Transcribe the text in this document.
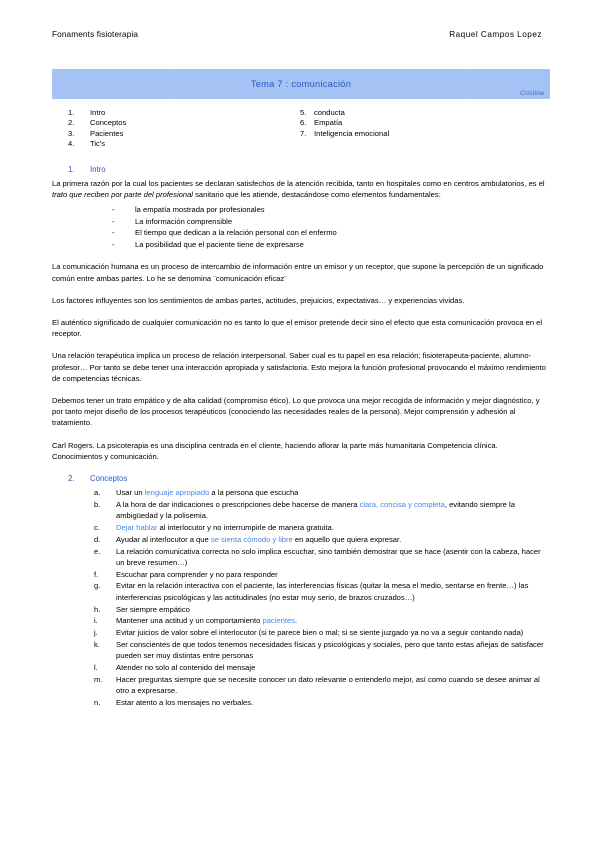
Fonaments fisioterapia	Raquel Campos Lopez
Tema 7 : comunicación
Cristina
1.	Intro
2.	Conceptos
3.	Pacientes
4.	Tic's
5.	conducta
6.	Empatía
7.	Inteligencia emocional
1.	Intro

La primera razón por la cual los pacientes se declaran satisfechos de la atención recibida, tanto en hospitales como en centros ambulatorios, es el trato que reciben por parte del profesional sanitario que les atiende, destacándose como elementos fundamentales:

-	la empatía mostrada por profesionales
-	La información comprensible
-	El tiempo que dedican a la relación personal con el enfermo
-	La posibilidad que el paciente tiene de expresarse

La comunicación humana es un proceso de intercambio de información entre un emisor y un receptor, que supone la percepción de un significado común entre ambas partes. Lo he se denomina ¨comunicación eficaz¨

Los factores influyentes son los sentimientos de ambas partes, actitudes, prejuicios, expectativas… y experiencias vividas.

El auténtico significado de cualquier comunicación no es tanto lo que el emisor pretende decir sino el efecto que esta comunicación provoca en el receptor.

Una relación terapéutica implica un proceso de relación interpersonal. Saber cual es tu papel en esa relación; fisioterapeuta-paciente, alumno-profesor… Por tanto se debe tener una interacción apropiada y satisfactoria. Esto mejora la función profesional provocando el máximo rendimiento de competencias técnicas.

Debemos tener un trato empático y de alta calidad (compromiso ético). Lo que provoca una mejor recogida de información y mejor diagnóstico, y por tanto mejor diseño de los procesos terapéuticos (conociendo las necesidades reales de la persona). Mejor comprensión y adhesión al tratamiento.

Carl Rogers. La psicoterapia es una disciplina centrada en el cliente, haciendo aflorar la parte más humanitaria Competencia clínica. Conocimientos y comunicación.

2.	Conceptos
a.	Usar un lenguaje apropiado a la persona que escucha
b.	A la hora de dar indicaciones o prescripciones debe hacerse de manera clara, concisa y completa, evitando siempre la ambigüedad y la polisemia.
c.	Dejar hablar al interlocutor y no interrumpirle de manera gratuita.
d.	Ayudar al interlocutor a que se sienta cómodo y libre en aquello que quiera expresar.
e.	La relación comunicativa correcta no solo implica escuchar, sino también demostrar que se hace (asentir con la cabeza, hacer un breve resumen…)
f.	Escuchar para comprender y no para responder
g.	Evitar en la relación interactiva con el paciente, las interferencias físicas (quitar la mesa el medio, sentarse en frente…) las interferencias psicológicas y las actitudinales (no estar muy serio, de brazos cruzados…)
h.	Ser siempre empático
i.	Mantener una actitud y un comportamiento pacientes.
j.	Evitar juicios de valor sobre el interlocutor (si te parece bien o mal; si se siente juzgado ya no va a seguir contando nada)
k.	Ser conscientes de que todos tenemos necesidades físicas y psicológicas y sociales, pero que tanto estas añejas de satisfacer pueden ser muy distintas entre personas
l.	Atender no solo al contenido del mensaje
m.	Hacer preguntas siempre que se necesite conocer un dato relevante o entenderlo mejor, así como cuando se desee animar al otro a expresarse.
n.	Estar atento a los mensajes no verbales.
